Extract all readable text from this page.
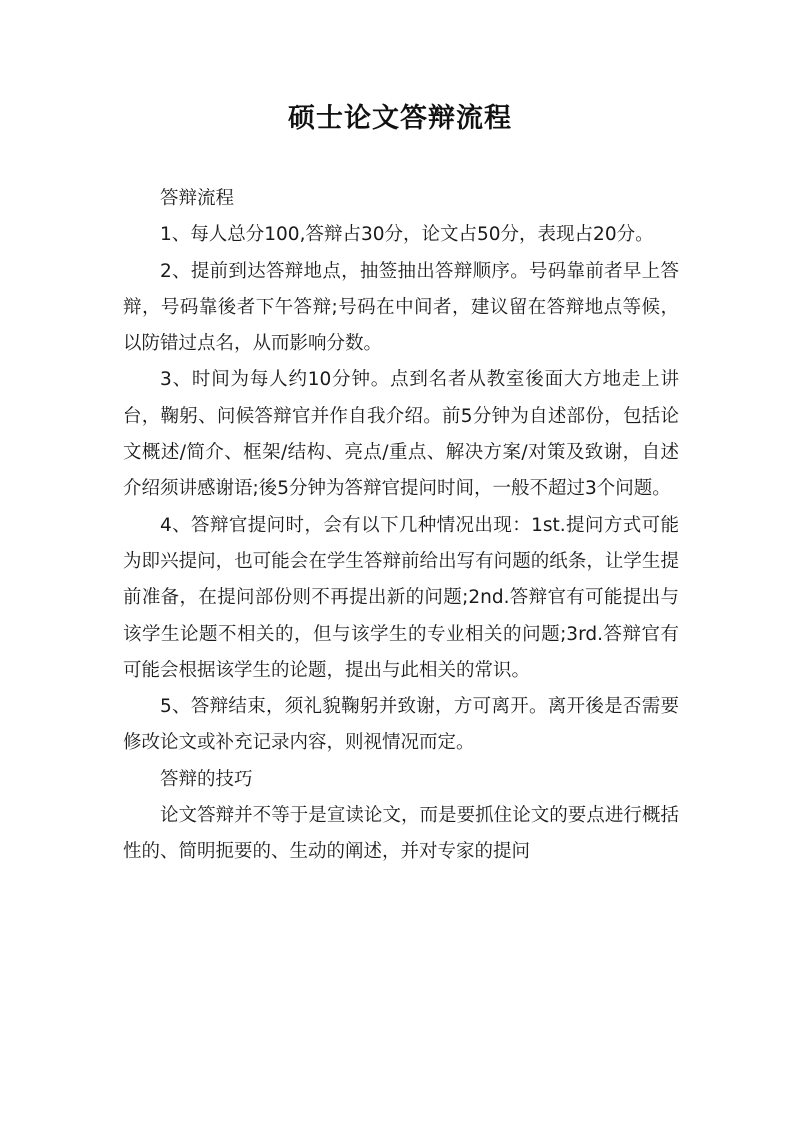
硕士论文答辩流程

答辩流程

1、每人总分100,答辩占30分，论文占50分，表现占20分。

2、提前到达答辩地点，抽签抽出答辩顺序。号码靠前者早上答辩，号码靠後者下午答辩;号码在中间者，建议留在答辩地点等候，以防错过点名，从而影响分数。

3、时间为每人约10分钟。点到名者从教室後面大方地走上讲台，鞠躬、问候答辩官并作自我介绍。前5分钟为自述部份，包括论文概述/简介、框架/结构、亮点/重点、解决方案/对策及致谢，自述介绍须讲感谢语;後5分钟为答辩官提问时间，一般不超过3个问题。

4、答辩官提问时，会有以下几种情况出现：1st.提问方式可能为即兴提问，也可能会在学生答辩前给出写有问题的纸条，让学生提前准备，在提问部份则不再提出新的问题;2nd.答辩官有可能提出与该学生论题不相关的，但与该学生的专业相关的问题;3rd.答辩官有可能会根据该学生的论题，提出与此相关的常识。

5、答辩结束，须礼貌鞠躬并致谢，方可离开。离开後是否需要修改论文或补充记录内容，则视情况而定。

答辩的技巧

论文答辩并不等于是宣读论文，而是要抓住论文的要点进行概括性的、简明扼要的、生动的阐述，并对专家的提问
